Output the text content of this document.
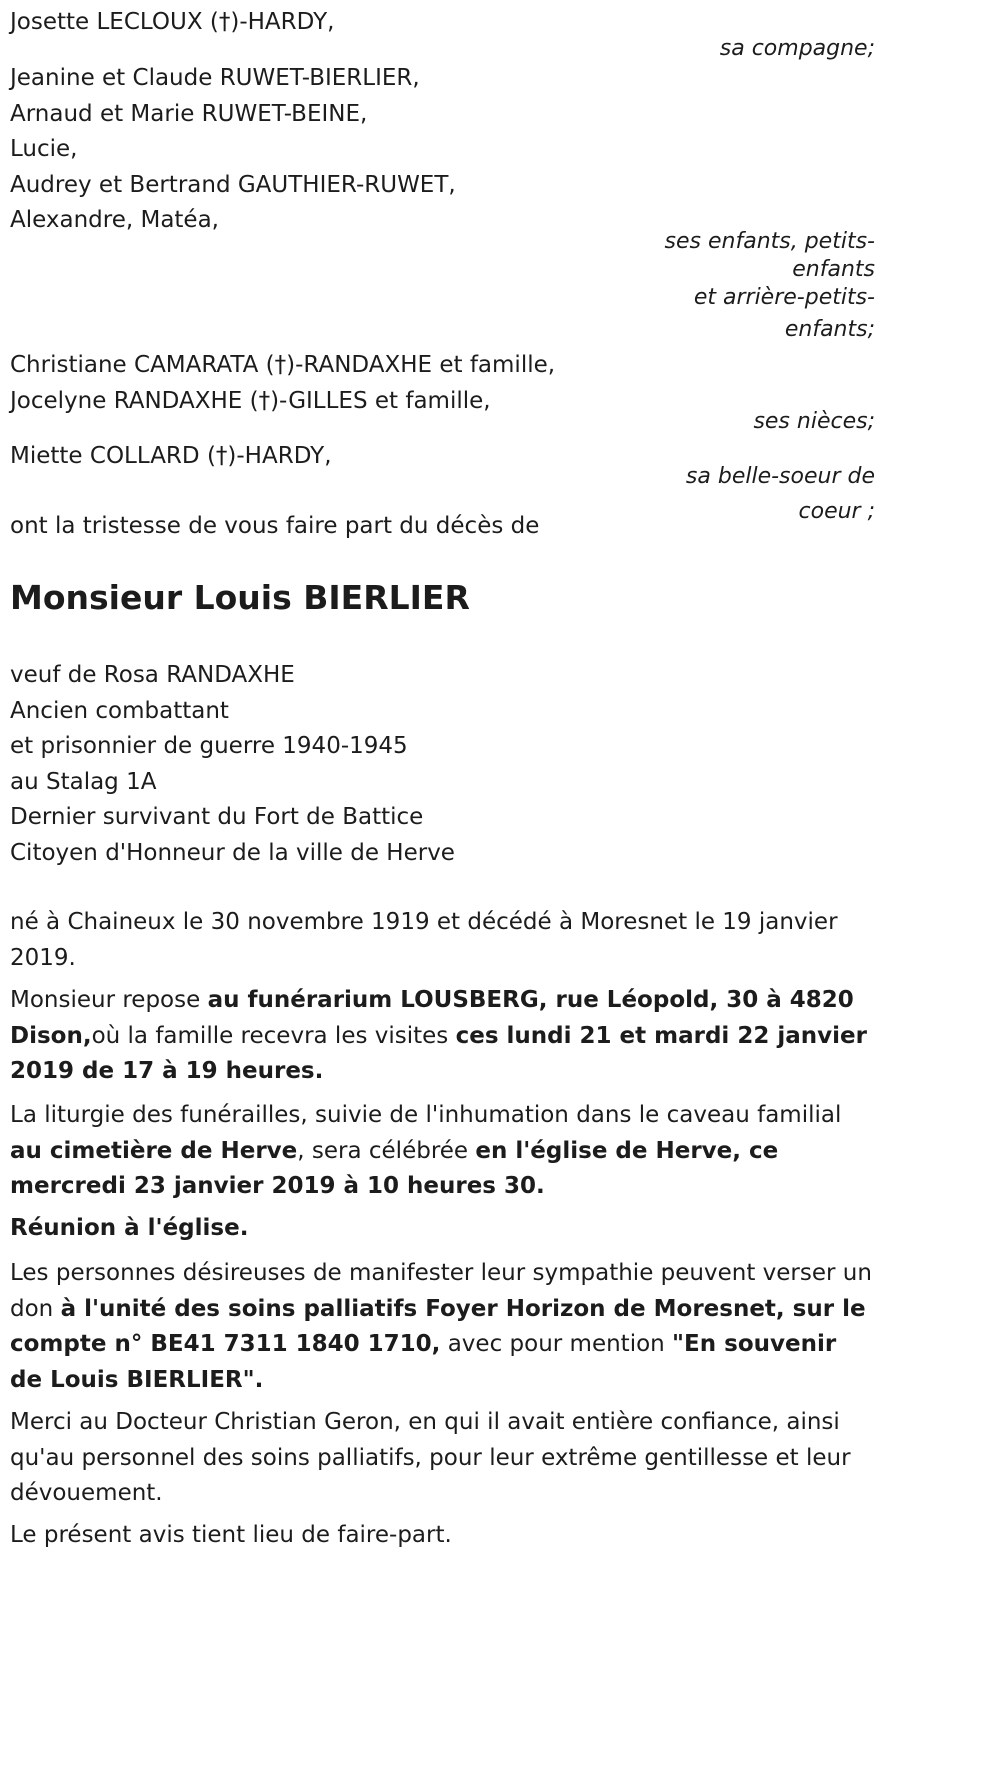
Josette LECLOUX (†)-HARDY,
sa compagne;
Jeanine et Claude RUWET-BIERLIER,
Arnaud et Marie RUWET-BEINE,
Lucie,
Audrey et Bertrand GAUTHIER-RUWET,
Alexandre, Matéa,
ses enfants, petits-
enfants
et arrière-petits-
enfants;
Christiane CAMARATA (†)-RANDAXHE et famille,
Jocelyne RANDAXHE (†)-GILLES et famille,
ses nièces;
Miette COLLARD (†)-HARDY,
sa belle-soeur de
coeur ;
ont la tristesse de vous faire part du décès de
Monsieur Louis BIERLIER
veuf de Rosa RANDAXHE
Ancien combattant
et prisonnier de guerre 1940-1945
au Stalag 1A
Dernier survivant du Fort de Battice
Citoyen d'Honneur de la ville de Herve

né à Chaineux le 30 novembre 1919 et décédé à Moresnet le 19 janvier 2019.

Monsieur repose au funérarium LOUSBERG, rue Léopold, 30 à 4820 Dison,où la famille recevra les visites ces lundi 21 et mardi 22 janvier 2019 de 17 à 19 heures.

La liturgie des funérailles, suivie de l'inhumation dans le caveau familial au cimetière de Herve, sera célébrée en l'église de Herve, ce mercredi 23 janvier 2019 à 10 heures 30.

Réunion à l'église.

Les personnes désireuses de manifester leur sympathie peuvent verser un don à l'unité des soins palliatifs Foyer Horizon de Moresnet, sur le compte n° BE41 7311 1840 1710, avec pour mention "En souvenir de Louis BIERLIER".

Merci au Docteur Christian Geron, en qui il avait entière confiance, ainsi qu'au personnel des soins palliatifs, pour leur extrême gentillesse et leur dévouement.

Le présent avis tient lieu de faire-part.
